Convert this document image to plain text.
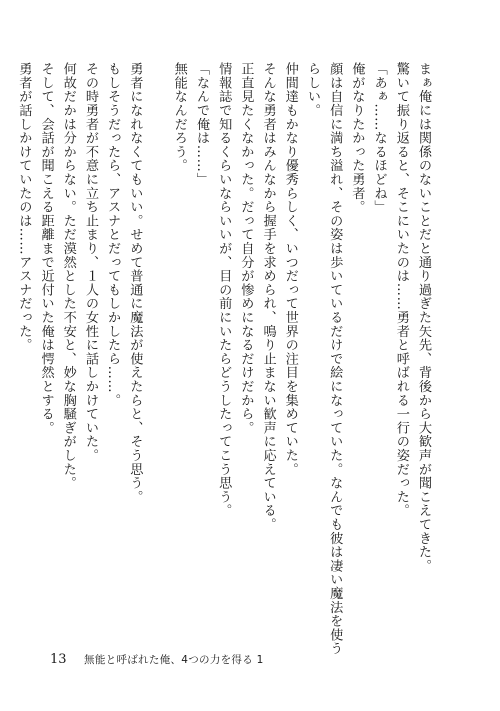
まぁ俺には関係のないことだと通り過ぎた矢先、背後から大歓声が聞こえてきた。

驚いて振り返ると、そこにいたのは……勇者と呼ばれる一行の姿だった。

「あぁ……なるほどね」

俺がなりたかった勇者。

顔は自信に満ち溢れ、その姿は歩いているだけで絵になっていた。なんでも彼は凄い魔法を使う

らしい。

仲間達もかなり優秀らしく、いつだって世界の注目を集めていた。

そんな勇者はみんなから握手を求められ、鳴り止まない歓声に応えている。

正直見たくなかった。だって自分が惨めになるだけだから。

情報誌で知るくらいならいいが、目の前にいたらどうしたってこう思う。

「なんで俺は……」

無能なんだろう。

勇者になれなくてもいい。せめて普通に魔法が使えたらと、そう思う。

もしそうだったら、アスナとだってもしかしたら……。

その時勇者が不意に立ち止まり、１人の女性に話しかけていた。

何故だかは分からない。ただ漠然とした不安と、妙な胸騒ぎがした。

そして、会話が聞こえる距離まで近付いた俺は愕然とする。

勇者が話しかけていたのは……アスナだった。

13 無能と呼ばれた俺、4つの力を得る 1
